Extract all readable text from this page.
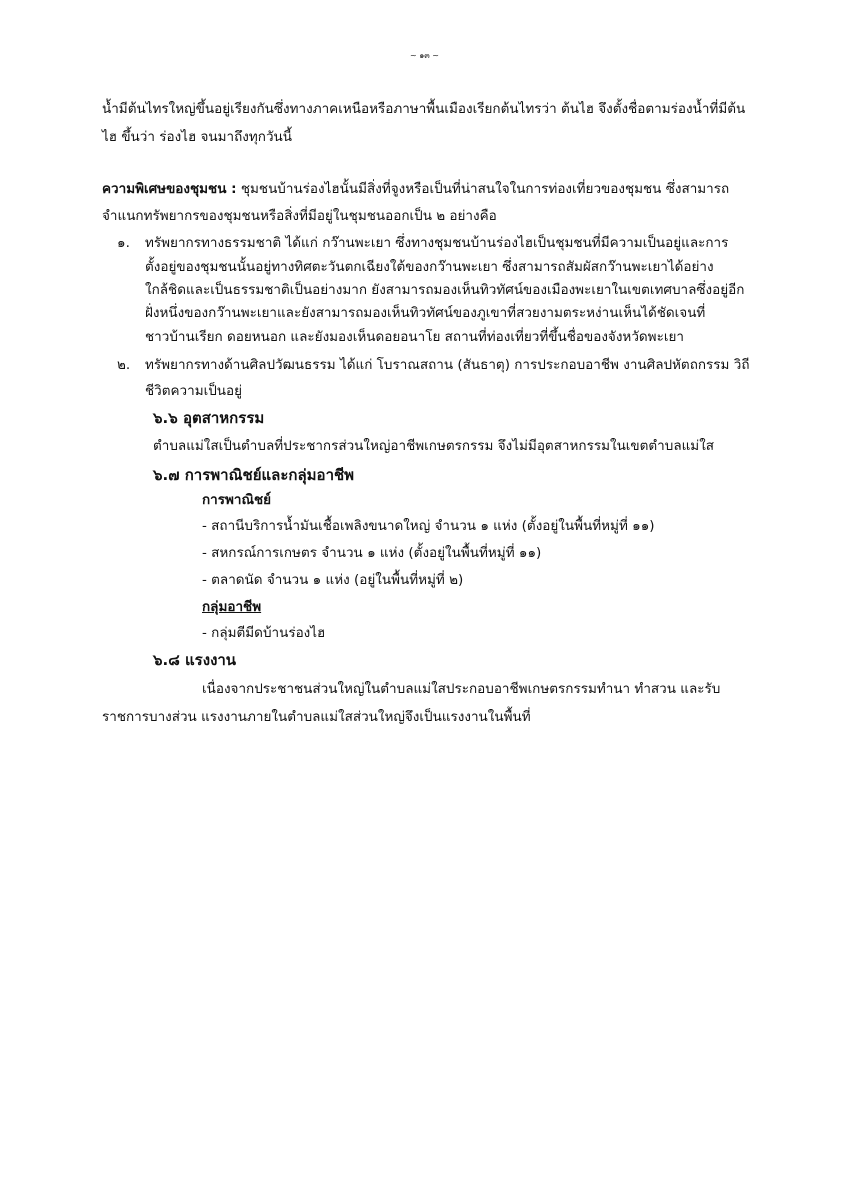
~ ๑๓ ~
น้ำมีต้นไทรใหญ่ขึ้นอยู่เรียงกันซึ่งทางภาคเหนือหรือภาษาพื้นเมืองเรียกต้นไทรว่า ต้นไฮ จึงตั้งชื่อตามร่องน้ำที่มีต้น
ไฮ ขึ้นว่า ร่องไฮ จนมาถึงทุกวันนี้
ความพิเศษของชุมชน : ชุมชนบ้านร่องไฮนั้นมีสิ่งที่จูงหรือเป็นที่น่าสนใจในการท่องเที่ยวของชุมชน ซึ่งสามารถ
จำแนกทรัพยากรของชุมชนหรือสิ่งที่มีอยู่ในชุมชนออกเป็น ๒ อย่างคือ
๑. ทรัพยากรทางธรรมชาติ ได้แก่ กว๊านพะเยา ซึ่งทางชุมชนบ้านร่องไฮเป็นชุมชนที่มีความเป็นอยู่และการ
ตั้งอยู่ของชุมชนนั้นอยู่ทางทิศตะวันตกเฉียงใต้ของกว๊านพะเยา ซึ่งสามารถสัมผัสกว๊านพะเยาได้อย่าง
ใกล้ชิดและเป็นธรรมชาติเป็นอย่างมาก ยังสามารถมองเห็นทิวทัศน์ของเมืองพะเยาในเขตเทศบาลซึ่งอยู่อีก
ฝั่งหนึ่งของกว๊านพะเยาและยังสามารถมองเห็นทิวทัศน์ของภูเขาที่สวยงามตระหง่านเห็นได้ชัดเจนที่
ชาวบ้านเรียก ดอยหนอก และยังมองเห็นดอยอนาโย สถานที่ท่องเที่ยวที่ขึ้นชื่อของจังหวัดพะเยา
๒. ทรัพยากรทางด้านศิลปวัฒนธรรม ได้แก่ โบราณสถาน (สันธาตุ) การประกอบอาชีพ งานศิลปหัตถกรรม วิถี
ชีวิตความเป็นอยู่
๖.๖ อุตสาหกรรม
ตำบลแม่ใสเป็นตำบลที่ประชากรส่วนใหญ่อาชีพเกษตรกรรม จึงไม่มีอุตสาหกรรมในเขตตำบลแม่ใส
๖.๗ การพาณิชย์และกลุ่มอาชีพ
การพาณิชย์
- สถานีบริการน้ำมันเชื้อเพลิงขนาดใหญ่ จำนวน ๑ แห่ง (ตั้งอยู่ในพื้นที่หมู่ที่ ๑๑)
- สหกรณ์การเกษตร จำนวน ๑ แห่ง (ตั้งอยู่ในพื้นที่หมู่ที่ ๑๑)
- ตลาดนัด จำนวน ๑ แห่ง (อยู่ในพื้นที่หมู่ที่ ๒)
กลุ่มอาชีพ
- กลุ่มตีมีดบ้านร่องไฮ
๖.๘ แรงงาน
เนื่องจากประชาชนส่วนใหญ่ในตำบลแม่ใสประกอบอาชีพเกษตรกรรมทำนา ทำสวน และรับ
ราชการบางส่วน แรงงานภายในตำบลแม่ใสส่วนใหญ่จึงเป็นแรงงานในพื้นที่
